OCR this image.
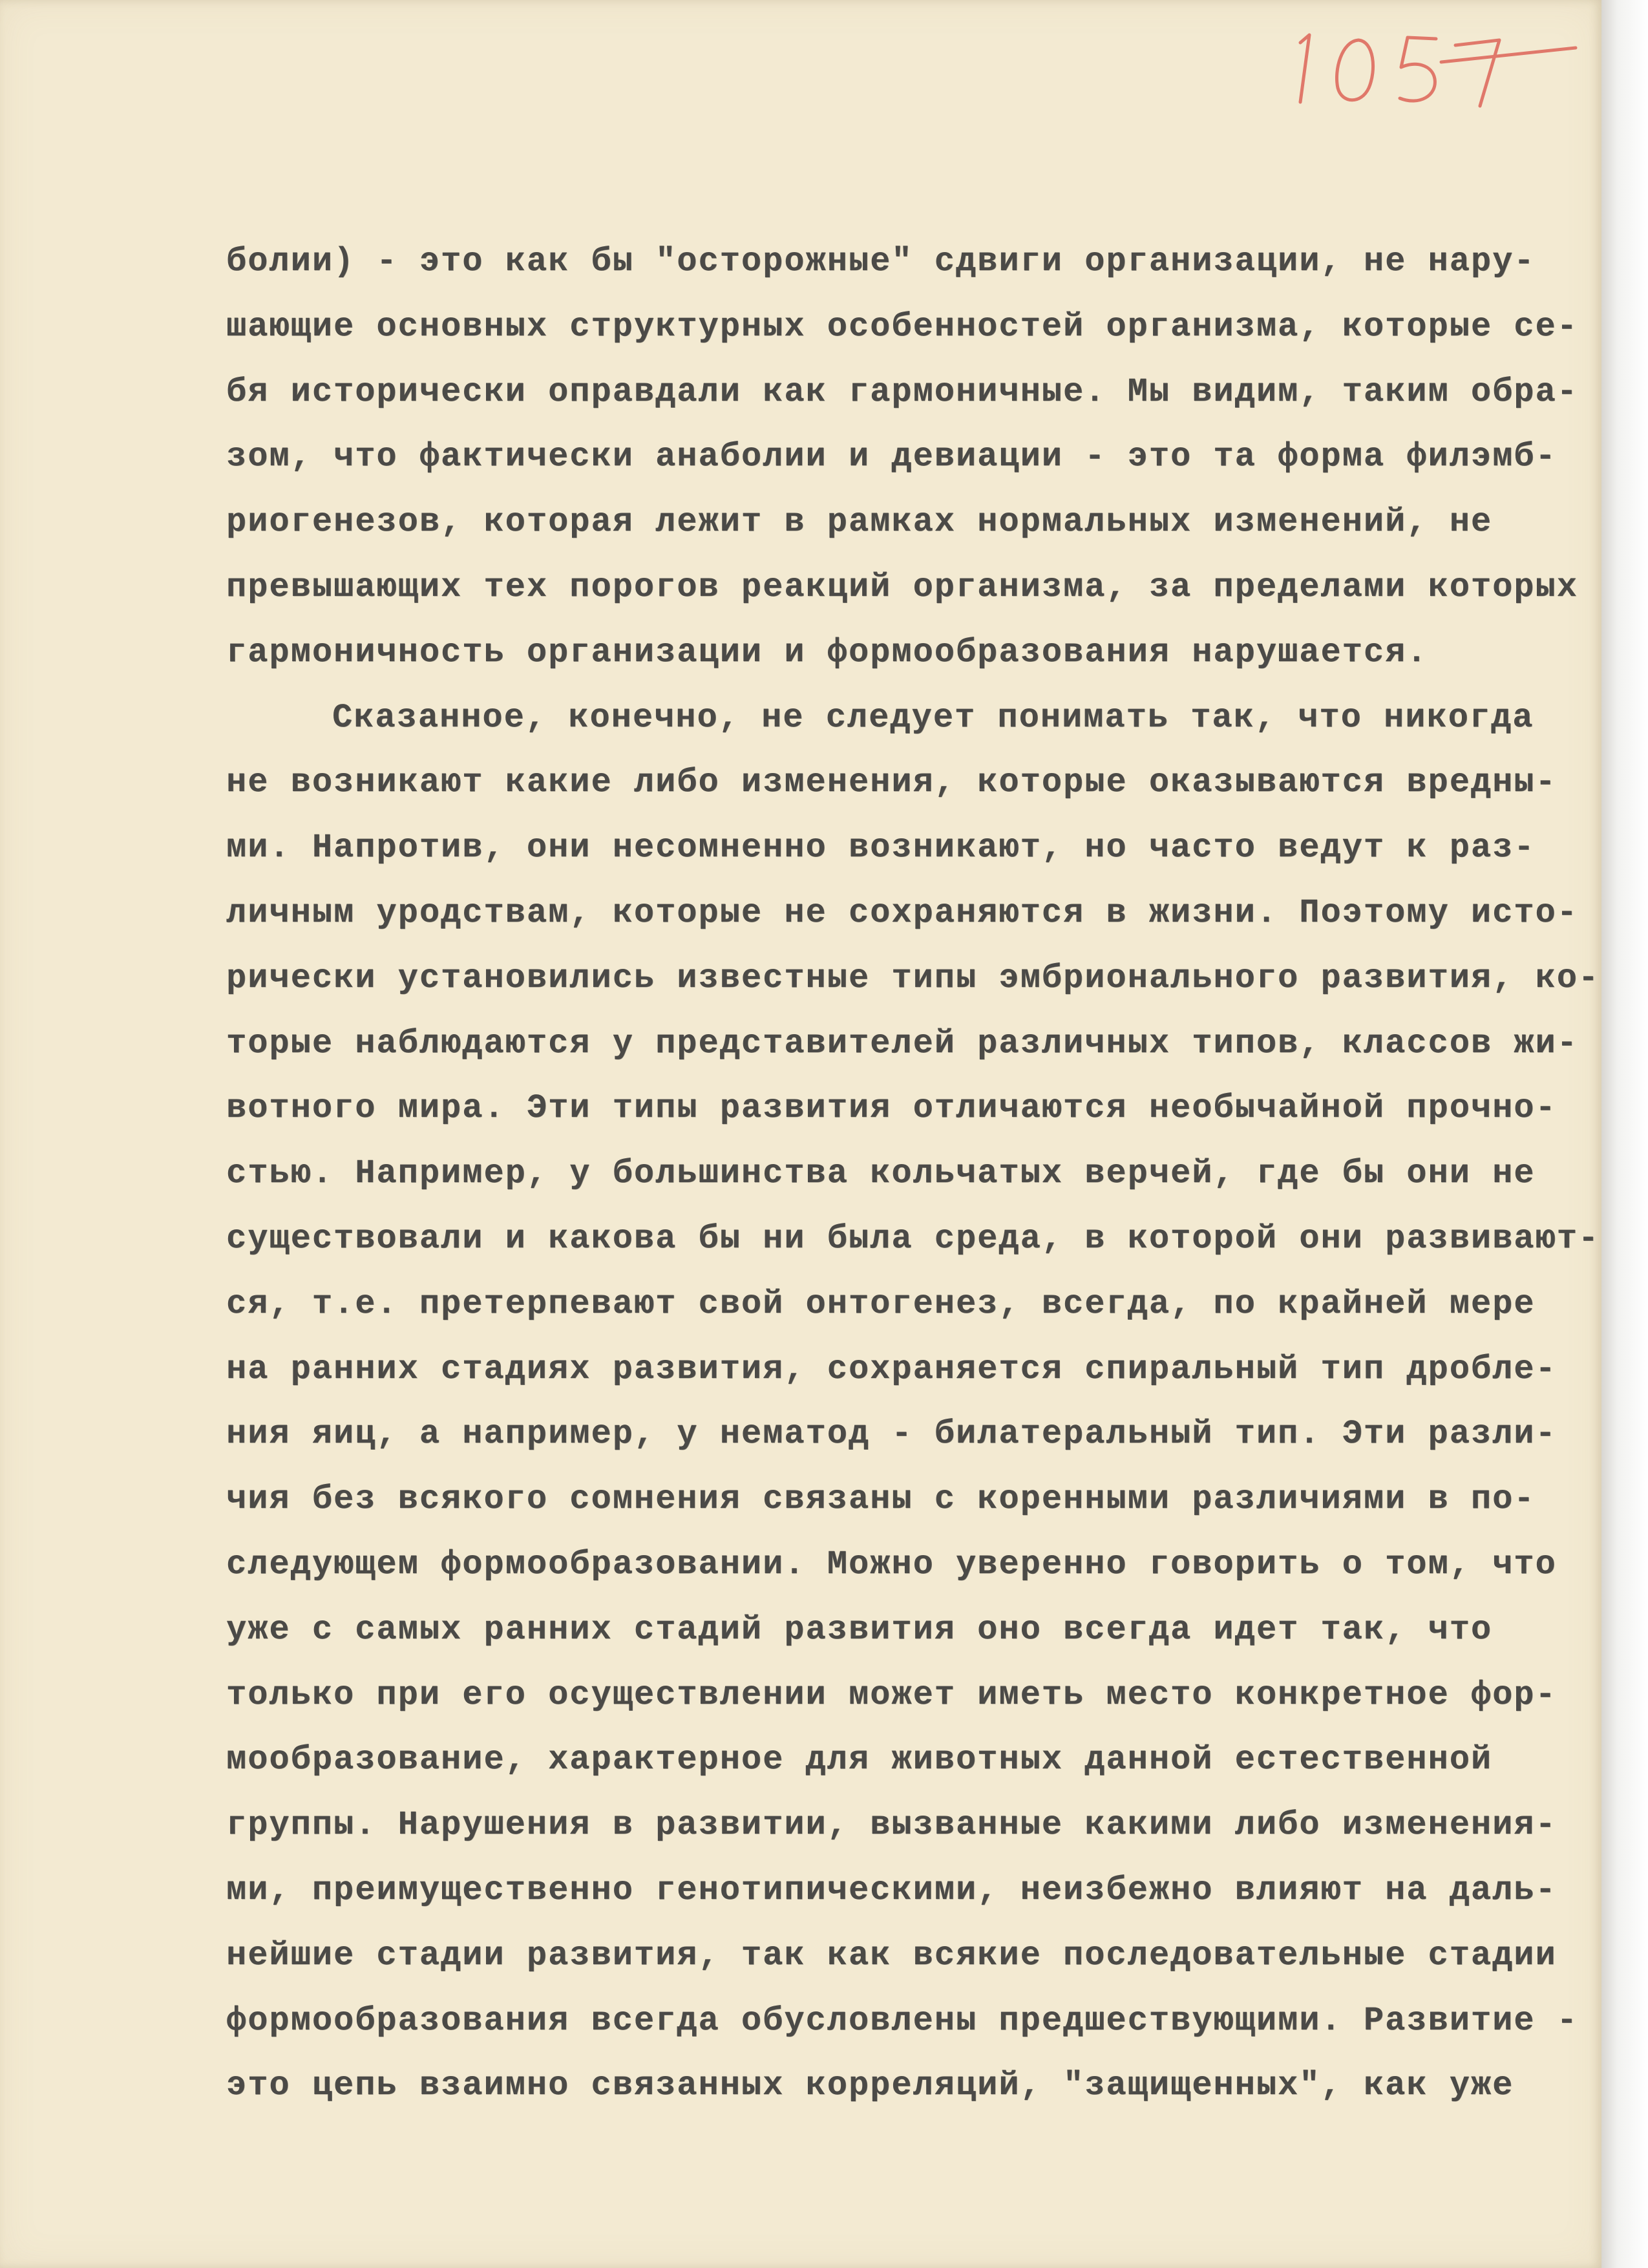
болии) - это как бы "осторожные" сдвиги организации, не нару-
шающие основных структурных особенностей организма, которые се-
бя исторически оправдали как гармоничные. Мы видим, таким обра-
зом, что фактически анаболии и девиации - это та форма филэмб-
риогенезов, которая лежит в рамках нормальных изменений, не
превышающих тех порогов реакций организма, за пределами которых
гармоничность организации и формообразования нарушается.
Сказанное, конечно, не следует понимать так, что никогда
не возникают какие либо изменения, которые оказываются вредны-
ми. Напротив, они несомненно возникают, но часто ведут к раз-
личным уродствам, которые не сохраняются в жизни. Поэтому исто-
рически установились известные типы эмбрионального развития, ко-
торые наблюдаются у представителей различных типов, классов жи-
вотного мира. Эти типы развития отличаются необычайной прочно-
стью. Например, у большинства кольчатых верчей, где бы они не
существовали и какова бы ни была среда, в которой они развивают-
ся, т.е. претерпевают свой онтогенез, всегда, по крайней мере
на ранних стадиях развития, сохраняется спиральный тип дробле-
ния яиц, а например, у нематод - билатеральный тип. Эти разли-
чия без всякого сомнения связаны с коренными различиями в по-
следующем формообразовании. Можно уверенно говорить о том, что
уже с самых ранних стадий развития оно всегда идет так, что
только при его осуществлении может иметь место конкретное фор-
мообразование, характерное для животных данной естественной
группы. Нарушения в развитии, вызванные какими либо изменения-
ми, преимущественно генотипическими, неизбежно влияют на даль-
нейшие стадии развития, так как всякие последовательные стадии
формообразования всегда обусловлены предшествующими. Развитие -
это цепь взаимно связанных корреляций, "защищенных", как уже
